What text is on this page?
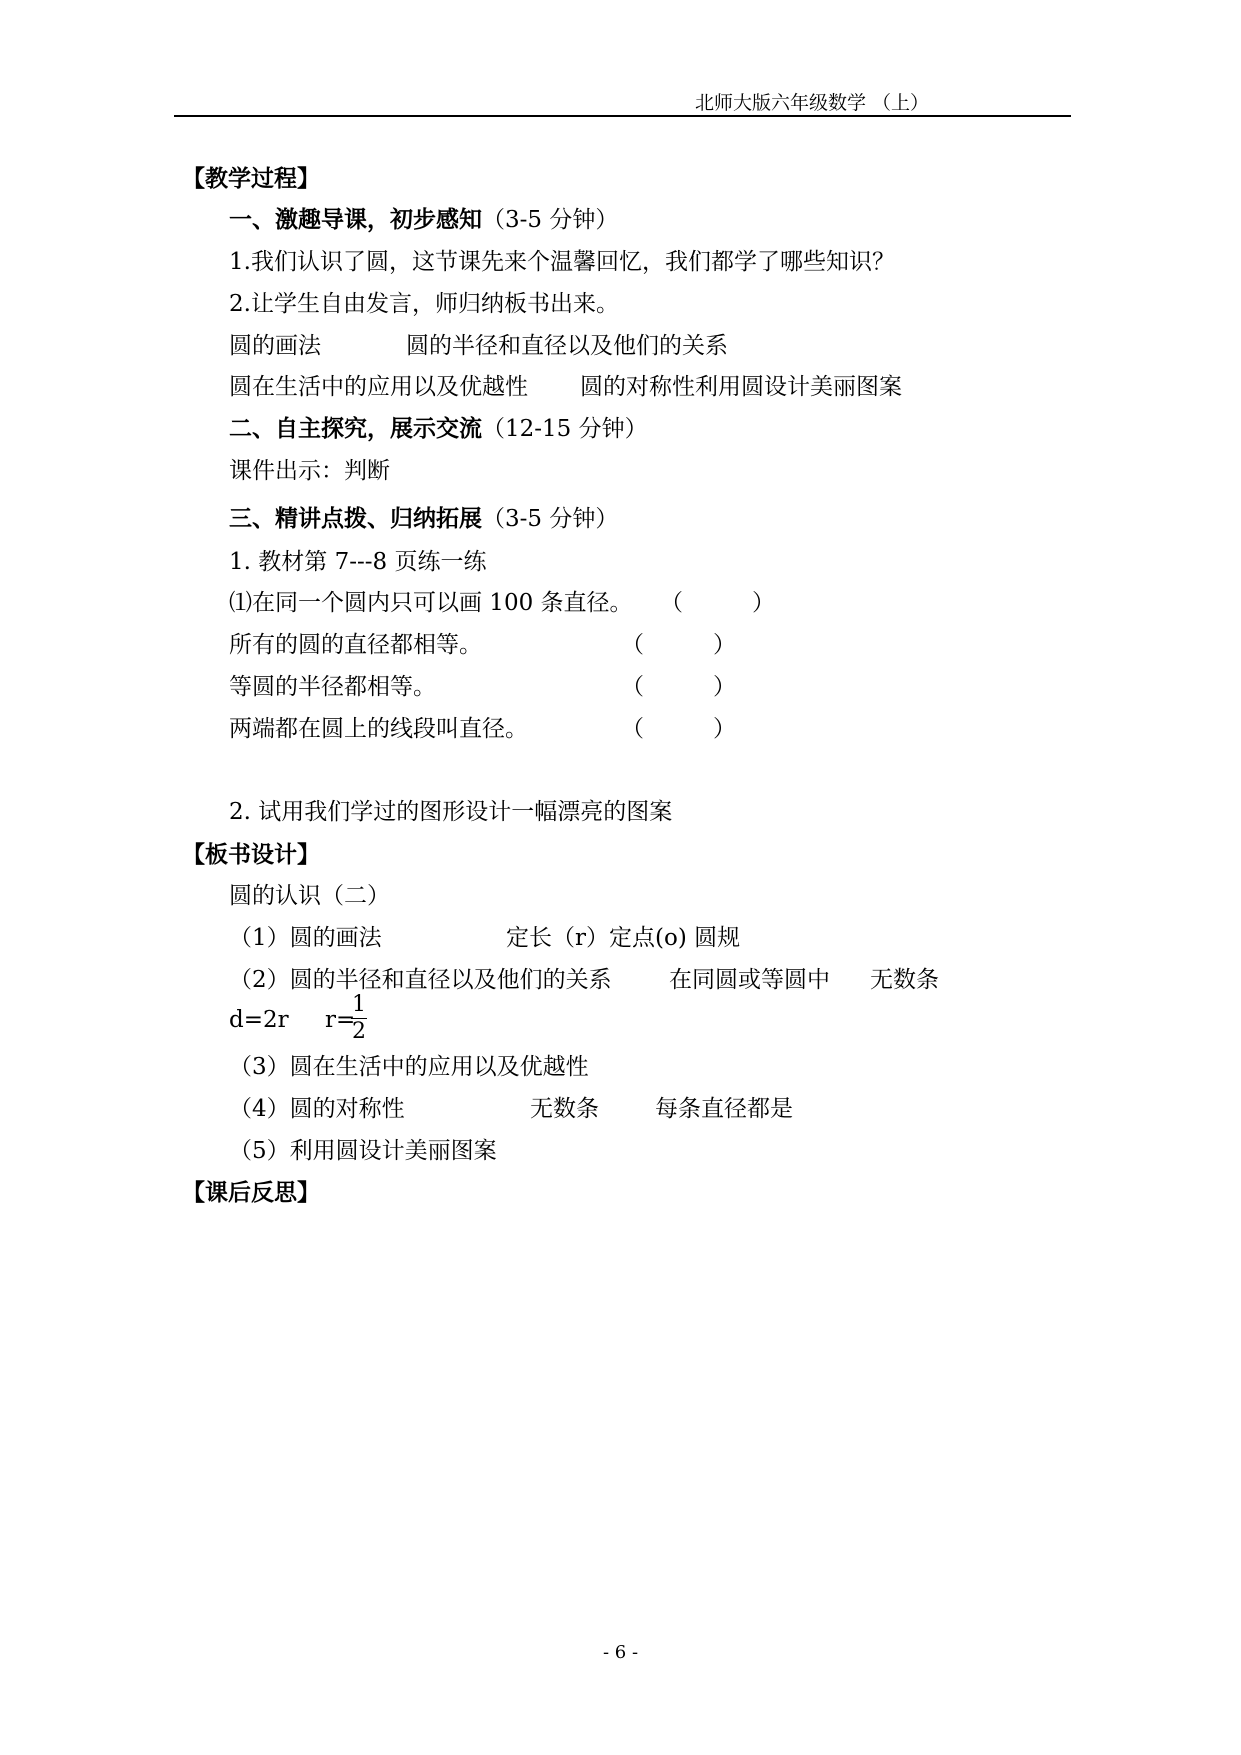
北师大版六年级数学 （上）
【教学过程】
一、激趣导课，初步感知（3-5 分钟）
1.我们认识了圆，这节课先来个温馨回忆，我们都学了哪些知识？
2.让学生自由发言，师归纳板书出来。
圆的画法	圆的半径和直径以及他们的关系
圆在生活中的应用以及优越性 圆的对称性利用圆设计美丽图案
二、自主探究，展示交流（12-15 分钟）
课件出示：判断
三、精讲点拨、归纳拓展（3-5 分钟）
1. 教材第 7---8 页练一练
⑴在同一个圆内只可以画 100 条直径。 （　　　）
所有的圆的直径都相等。	（　　　）
等圆的半径都相等。	（　　　）
两端都在圆上的线段叫直径。	（　　　）
2. 试用我们学过的图形设计一幅漂亮的图案
【板书设计】
圆的认识（二）
（1）圆的画法	定长（r）定点(o) 圆规
（2）圆的半径和直径以及他们的关系 在同圆或等圆中 无数条
d=2r r=
1
2
（3）圆在生活中的应用以及优越性
（4）圆的对称性	无数条 每条直径都是
（5）利用圆设计美丽图案
【课后反思】
- 6 -
